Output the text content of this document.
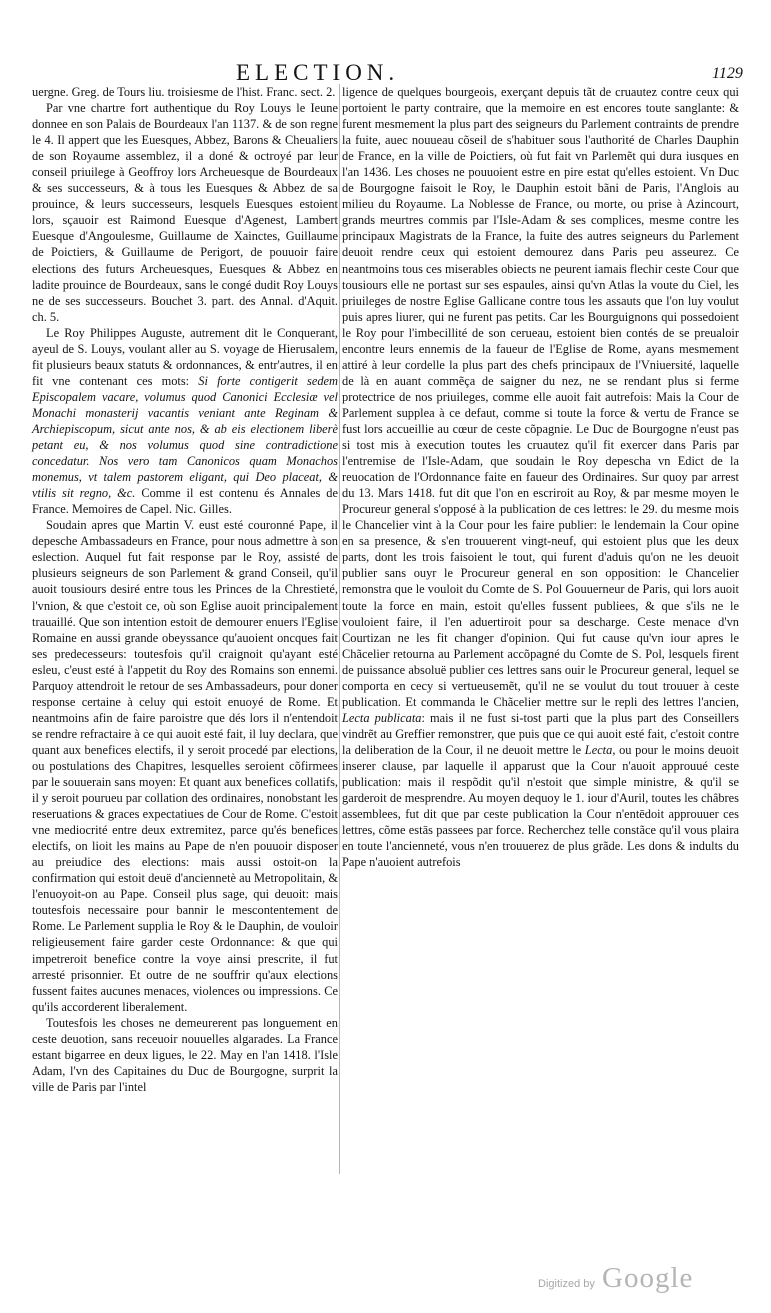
ELECTION.	1129

uergne. Greg. de Tours liu. troisiesme de l'hist. Franc. sect. 2.

Par vne chartre fort authentique du Roy Louys le Ieune donnee en son Palais de Bourdeaux l'an 1137. & de son regne le 4. Il appert que les Euesques, Abbez, Barons & Cheualiers de son Royaume assemblez, il a doné & octroyé par leur conseil priuilege à Geoffroy lors Archeuesque de Bourdeaux & ses successeurs, & à tous les Euesques & Abbez de sa prouince, & leurs successeurs, lesquels Euesques estoient lors, sçauoir est Raimond Euesque d'Agenest, Lambert Euesque d'Angoulesme, Guillaume de Xainctes, Guillaume de Poictiers, & Guillaume de Perigort, de pouuoir faire elections des futurs Archeuesques, Euesques & Abbez en ladite prouince de Bourdeaux, sans le congé dudit Roy Louys ne de ses successeurs. Bouchet 3. part. des Annal. d'Aquit. ch. 5.

Le Roy Philippes Auguste, autrement dit le Conquerant, ayeul de S. Louys, voulant aller au S. voyage de Hierusalem, fit plusieurs beaux statuts & ordonnances, & entr'autres, il en fit vne contenant ces mots: Si forte contigerit sedem Episcopalem vacare, volumus quod Canonici Ecclesiæ vel Monachi monasterij vacantis veniant ante Reginam & Archiepiscopum, sicut ante nos, & ab eis electionem liberè petant eu, & nos volumus quod sine contradictione concedatur. Nos vero tam Canonicos quam Monachos monemus, vt talem pastorem eligant, qui Deo placeat, & vtilis sit regno, &c. Comme il est contenu és Annales de France. Memoires de Capel. Nic. Gilles.

Soudain apres que Martin V. eust esté couronné Pape, il depesche Ambassadeurs en France, pour nous admettre à son eslection. Auquel fut fait response par le Roy, assisté de plusieurs seigneurs de son Parlement & grand Conseil, qu'il auoit tousiours desiré entre tous les Princes de la Chrestieté, l'vnion, & que c'estoit ce, où son Eglise auoit principalement trauaillé. Que son intention estoit de demourer enuers l'Eglise Romaine en aussi grande obeyssance qu'auoient oncques fait ses predecesseurs: toutesfois qu'il craignoit qu'ayant esté esleu, c'eust esté à l'appetit du Roy des Romains son ennemi. Parquoy attendroit le retour de ses Ambassadeurs, pour doner response certaine à celuy qui estoit enuoyé de Rome. Et neantmoins afin de faire paroistre que dés lors il n'entendoit se rendre refractaire à ce qui auoit esté fait, il luy declara, que quant aux benefices electifs, il y seroit procedé par elections, ou postulations des Chapitres, lesquelles seroient cõfirmees par le souuerain sans moyen: Et quant aux benefices collatifs, il y seroit pourueu par collation des ordinaires, nonobstant les reseruations & graces expectatiues de Cour de Rome. C'estoit vne mediocrité entre deux extremitez, parce qu'és benefices electifs, on lioit les mains au Pape de n'en pouuoir disposer au preiudice des elections: mais aussi ostoit-on la confirmation qui estoit deuë d'anciennetè au Metropolitain, & l'enuoyoit-on au Pape. Conseil plus sage, qui deuoit: mais toutesfois necessaire pour bannir le mescontentement de Rome. Le Parlement supplia le Roy & le Dauphin, de vouloir religieusement faire garder ceste Ordonnance: & que qui impetreroit benefice contre la voye ainsi prescrite, il fut arresté prisonnier. Et outre de ne souffrir qu'aux elections fussent faites aucunes menaces, violences ou impressions. Ce qu'ils accorderent liberalement.

Toutesfois les choses ne demeurerent pas longuement en ceste deuotion, sans receuoir nouuelles algarades. La France estant bigarree en deux ligues, le 22. May en l'an 1418. l'Isle Adam, l'vn des Capitaines du Duc de Bourgogne, surprit la ville de Paris par l'intel

ligence de quelques bourgeois, exerçant depuis tãt de cruautez contre ceux qui portoient le party contraire, que la memoire en est encores toute sanglante: & furent mesmement la plus part des seigneurs du Parlement contraints de prendre la fuite, auec nouueau cõseil de s'habituer sous l'authorité de Charles Dauphin de France, en la ville de Poictiers, où fut fait vn Parlemẽt qui dura iusques en l'an 1436. Les choses ne pouuoient estre en pire estat qu'elles estoient. Vn Duc de Bourgogne faisoit le Roy, le Dauphin estoit bãni de Paris, l'Anglois au milieu du Royaume. La Noblesse de France, ou morte, ou prise à Azincourt, grands meurtres commis par l'Isle-Adam & ses complices, mesme contre les principaux Magistrats de la France, la fuite des autres seigneurs du Parlement deuoit rendre ceux qui estoient demourez dans Paris peu asseurez. Ce neantmoins tous ces miserables obiects ne peurent iamais flechir ceste Cour que tousiours elle ne portast sur ses espaules, ainsi qu'vn Atlas la voute du Ciel, les priuileges de nostre Eglise Gallicane contre tous les assauts que l'on luy voulut puis apres liurer, qui ne furent pas petits. Car les Bourguignons qui possedoient le Roy pour l'imbecillité de son cerueau, estoient bien contés de se preualoir encontre leurs ennemis de la faueur de l'Eglise de Rome, ayans mesmement attiré à leur cordelle la plus part des chefs principaux de l'Vniuersité, laquelle de là en auant commẽça de saigner du nez, ne se rendant plus si ferme protectrice de nos priuileges, comme elle auoit fait autrefois: Mais la Cour de Parlement supplea à ce defaut, comme si toute la force & vertu de France se fust lors accueillie au cœur de ceste cõpagnie. Le Duc de Bourgogne n'eust pas si tost mis à execution toutes les cruautez qu'il fit exercer dans Paris par l'entremise de l'Isle-Adam, que soudain le Roy depescha vn Edict de la reuocation de l'Ordonnance faite en faueur des Ordinaires. Sur quoy par arrest du 13. Mars 1418. fut dit que l'on en escriroit au Roy, & par mesme moyen le Procureur general s'opposé à la publication de ces lettres: le 29. du mesme mois le Chancelier vint à la Cour pour les faire publier: le lendemain la Cour opine en sa presence, & s'en trouuerent vingt-neuf, qui estoient plus que les deux parts, dont les trois faisoient le tout, qui furent d'aduis qu'on ne les deuoit publier sans ouyr le Procureur general en son opposition: le Chancelier remonstra que le vouloit du Comte de S. Pol Gouuerneur de Paris, qui lors auoit toute la force en main, estoit qu'elles fussent publiees, & que s'ils ne le vouloient faire, il l'en aduertiroit pour sa descharge. Ceste menace d'vn Courtizan ne les fit changer d'opinion. Qui fut cause qu'vn iour apres le Chãcelier retourna au Parlement accõpagné du Comte de S. Pol, lesquels firent de puissance absoluë publier ces lettres sans ouir le Procureur general, lequel se comporta en cecy si vertueusemẽt, qu'il ne se voulut du tout trouuer à ceste publication. Et commanda le Chãcelier mettre sur le repli des lettres l'ancien, Lecta publicata: mais il ne fust si-tost parti que la plus part des Conseillers vindrẽt au Greffier remonstrer, que puis que ce qui auoit esté fait, c'estoit contre la deliberation de la Cour, il ne deuoit mettre le Lecta, ou pour le moins deuoit inserer clause, par laquelle il apparust que la Cour n'auoit approuué ceste publication: mais il respõdit qu'il n'estoit que simple ministre, & qu'il se garderoit de mesprendre. Au moyen dequoy le 1. iour d'Auril, toutes les châbres assemblees, fut dit que par ceste publication la Cour n'entēdoit approuuer ces lettres, cõme estās passees par force. Recherchez telle constãce qu'il vous plaira en toute l'ancienneté, vous n'en trouuerez de plus grãde. Les dons & indults du Pape n'auoient autrefois

Digitized by Google
